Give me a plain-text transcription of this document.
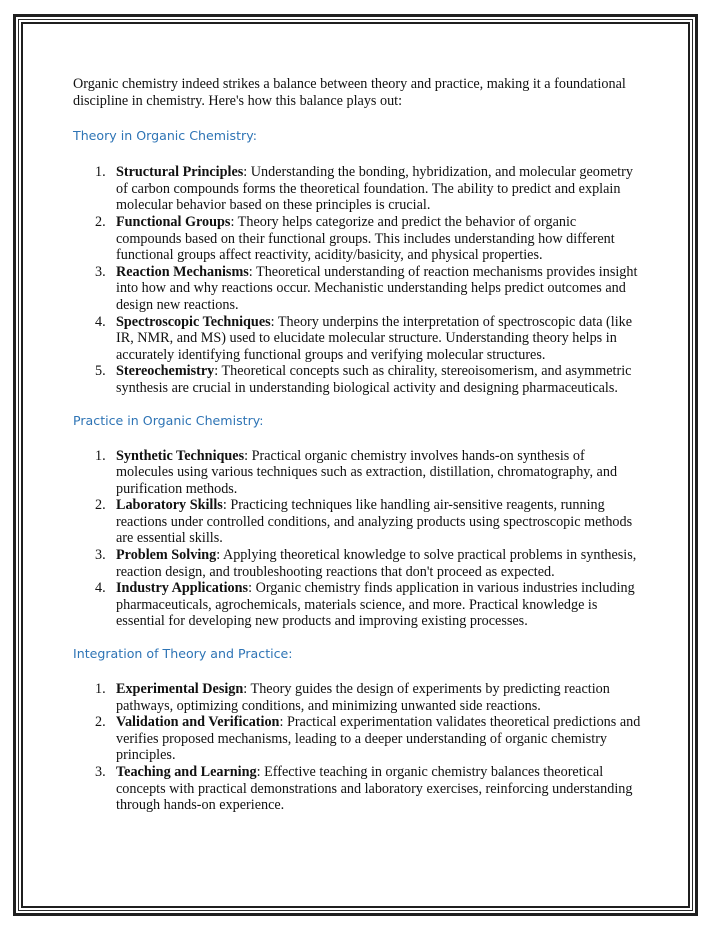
Organic chemistry indeed strikes a balance between theory and practice, making it a foundational discipline in chemistry. Here's how this balance plays out:

Theory in Organic Chemistry:
1. Structural Principles: Understanding the bonding, hybridization, and molecular geometry of carbon compounds forms the theoretical foundation. The ability to predict and explain molecular behavior based on these principles is crucial.
2. Functional Groups: Theory helps categorize and predict the behavior of organic compounds based on their functional groups. This includes understanding how different functional groups affect reactivity, acidity/basicity, and physical properties.
3. Reaction Mechanisms: Theoretical understanding of reaction mechanisms provides insight into how and why reactions occur. Mechanistic understanding helps predict outcomes and design new reactions.
4. Spectroscopic Techniques: Theory underpins the interpretation of spectroscopic data (like IR, NMR, and MS) used to elucidate molecular structure. Understanding theory helps in accurately identifying functional groups and verifying molecular structures.
5. Stereochemistry: Theoretical concepts such as chirality, stereoisomerism, and asymmetric synthesis are crucial in understanding biological activity and designing pharmaceuticals.
Practice in Organic Chemistry:
1. Synthetic Techniques: Practical organic chemistry involves hands-on synthesis of molecules using various techniques such as extraction, distillation, chromatography, and purification methods.
2. Laboratory Skills: Practicing techniques like handling air-sensitive reagents, running reactions under controlled conditions, and analyzing products using spectroscopic methods are essential skills.
3. Problem Solving: Applying theoretical knowledge to solve practical problems in synthesis, reaction design, and troubleshooting reactions that don't proceed as expected.
4. Industry Applications: Organic chemistry finds application in various industries including pharmaceuticals, agrochemicals, materials science, and more. Practical knowledge is essential for developing new products and improving existing processes.
Integration of Theory and Practice:
1. Experimental Design: Theory guides the design of experiments by predicting reaction pathways, optimizing conditions, and minimizing unwanted side reactions.
2. Validation and Verification: Practical experimentation validates theoretical predictions and verifies proposed mechanisms, leading to a deeper understanding of organic chemistry principles.
3. Teaching and Learning: Effective teaching in organic chemistry balances theoretical concepts with practical demonstrations and laboratory exercises, reinforcing understanding through hands-on experience.
